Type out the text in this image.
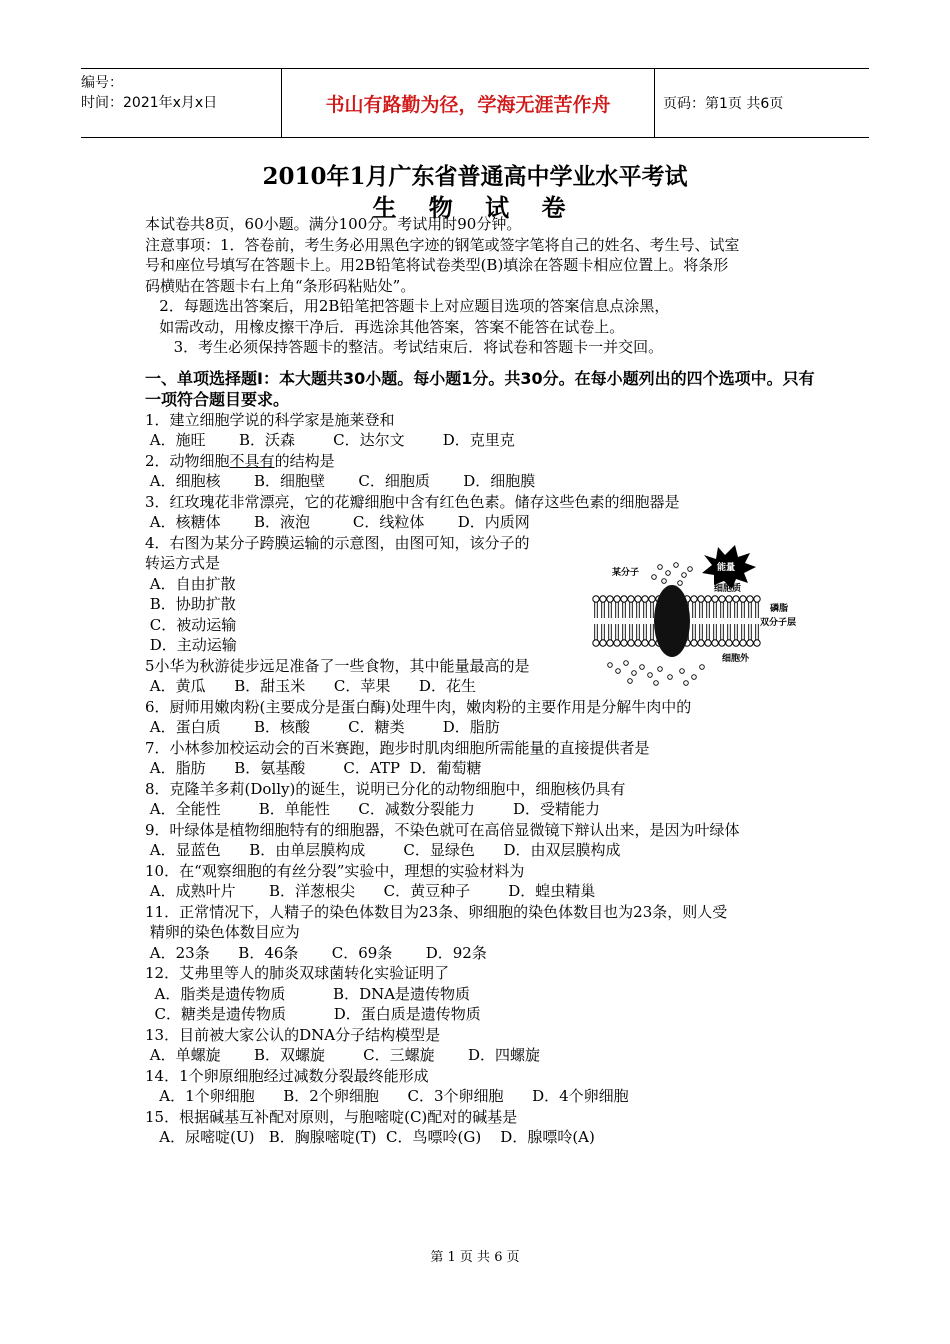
编号：
时间：2021年x月x日	书山有路勤为径，学海无涯苦作舟	页码：第1页 共6页
2010年1月广东省普通高中学业水平考试
生 物 试 卷
本试卷共8页，60小题。满分100分。考试用时90分钟。
注意事项：1．答卷前，考生务必用黑色字迹的钢笔或签字笔将自己的姓名、考生号、试室
号和座位号填写在答题卡上。用2B铅笔将试卷类型(B)填涂在答题卡相应位置上。将条形
码横贴在答题卡右上角“条形码粘贴处”。
2．每题选出答案后，用2B铅笔把答题卡上对应题目选项的答案信息点涂黑，
如需改动，用橡皮擦干净后．再选涂其他答案，答案不能答在试卷上。
3．考生必须保持答题卡的整洁。考试结束后．将试卷和答题卡一并交回。
一、单项选择题Ⅰ：本大题共30小题。每小题1分。共30分。在每小题列出的四个选项中。只有一项符合题目要求。
1．建立细胞学说的科学家是施莱登和
A．施旺       B．沃森        C．达尔文        D．克里克
2．动物细胞不具有的结构是
A．细胞核       B．细胞壁       C．细胞质       D．细胞膜
3．红玫瑰花非常漂亮，它的花瓣细胞中含有红色色素。储存这些色素的细胞器是
A．核糖体       B．液泡         C．线粒体       D．内质网
4．右图为某分子跨膜运输的示意图，由图可知，该分子的
转运方式是
A．自由扩散
B．协助扩散
C．被动运输
D．主动运输
5小华为秋游徒步远足准备了一些食物，其中能量最高的是
A．黄瓜      B．甜玉米      C．苹果      D．花生
6．厨师用嫩肉粉(主要成分是蛋白酶)处理牛肉，嫩肉粉的主要作用是分解牛肉中的
A．蛋白质       B．核酸        C．糖类        D．脂肪
7．小林参加校运动会的百米赛跑，跑步时肌肉细胞所需能量的直接提供者是
A．脂肪      B．氨基酸        C．ATP  D．葡萄糖
8．克隆羊多莉(Dolly)的诞生，说明已分化的动物细胞中，细胞核仍具有
A．全能性        B．单能性      C．减数分裂能力        D．受精能力
9．叶绿体是植物细胞特有的细胞器，不染色就可在高倍显微镜下辩认出来，是因为叶绿体
A．显蓝色      B．由单层膜构成        C．显绿色      D．由双层膜构成
10．在“观察细胞的有丝分裂”实验中，理想的实验材料为
A．成熟叶片       B．洋葱根尖      C．黄豆种子        D．蝗虫精巢
11．正常情况下，人精子的染色体数目为23条、卵细胞的染色体数目也为23条，则人受
精卵的染色体数目应为
A．23条      B．46条       C．69条       D．92条
12．艾弗里等人的肺炎双球菌转化实验证明了
A．脂类是遗传物质          B．DNA是遗传物质
C．糖类是遗传物质          D．蛋白质是遗传物质
13．目前被大家公认的DNA分子结构模型是
A．单螺旋       B．双螺旋        C．三螺旋       D．四螺旋
14．1个卵原细胞经过减数分裂最终能形成
A．1个卵细胞      B．2个卵细胞      C．3个卵细胞      D．4个卵细胞
15．根据碱基互补配对原则，与胞嘧啶(C)配对的碱基是
A．尿嘧啶(U)   B．胸腺嘧啶(T)  C．鸟嘌呤(G)    D．腺嘌呤(A)
能量
某分子
细胞质
磷脂
双分子层
细胞外
第 1 页 共 6 页
